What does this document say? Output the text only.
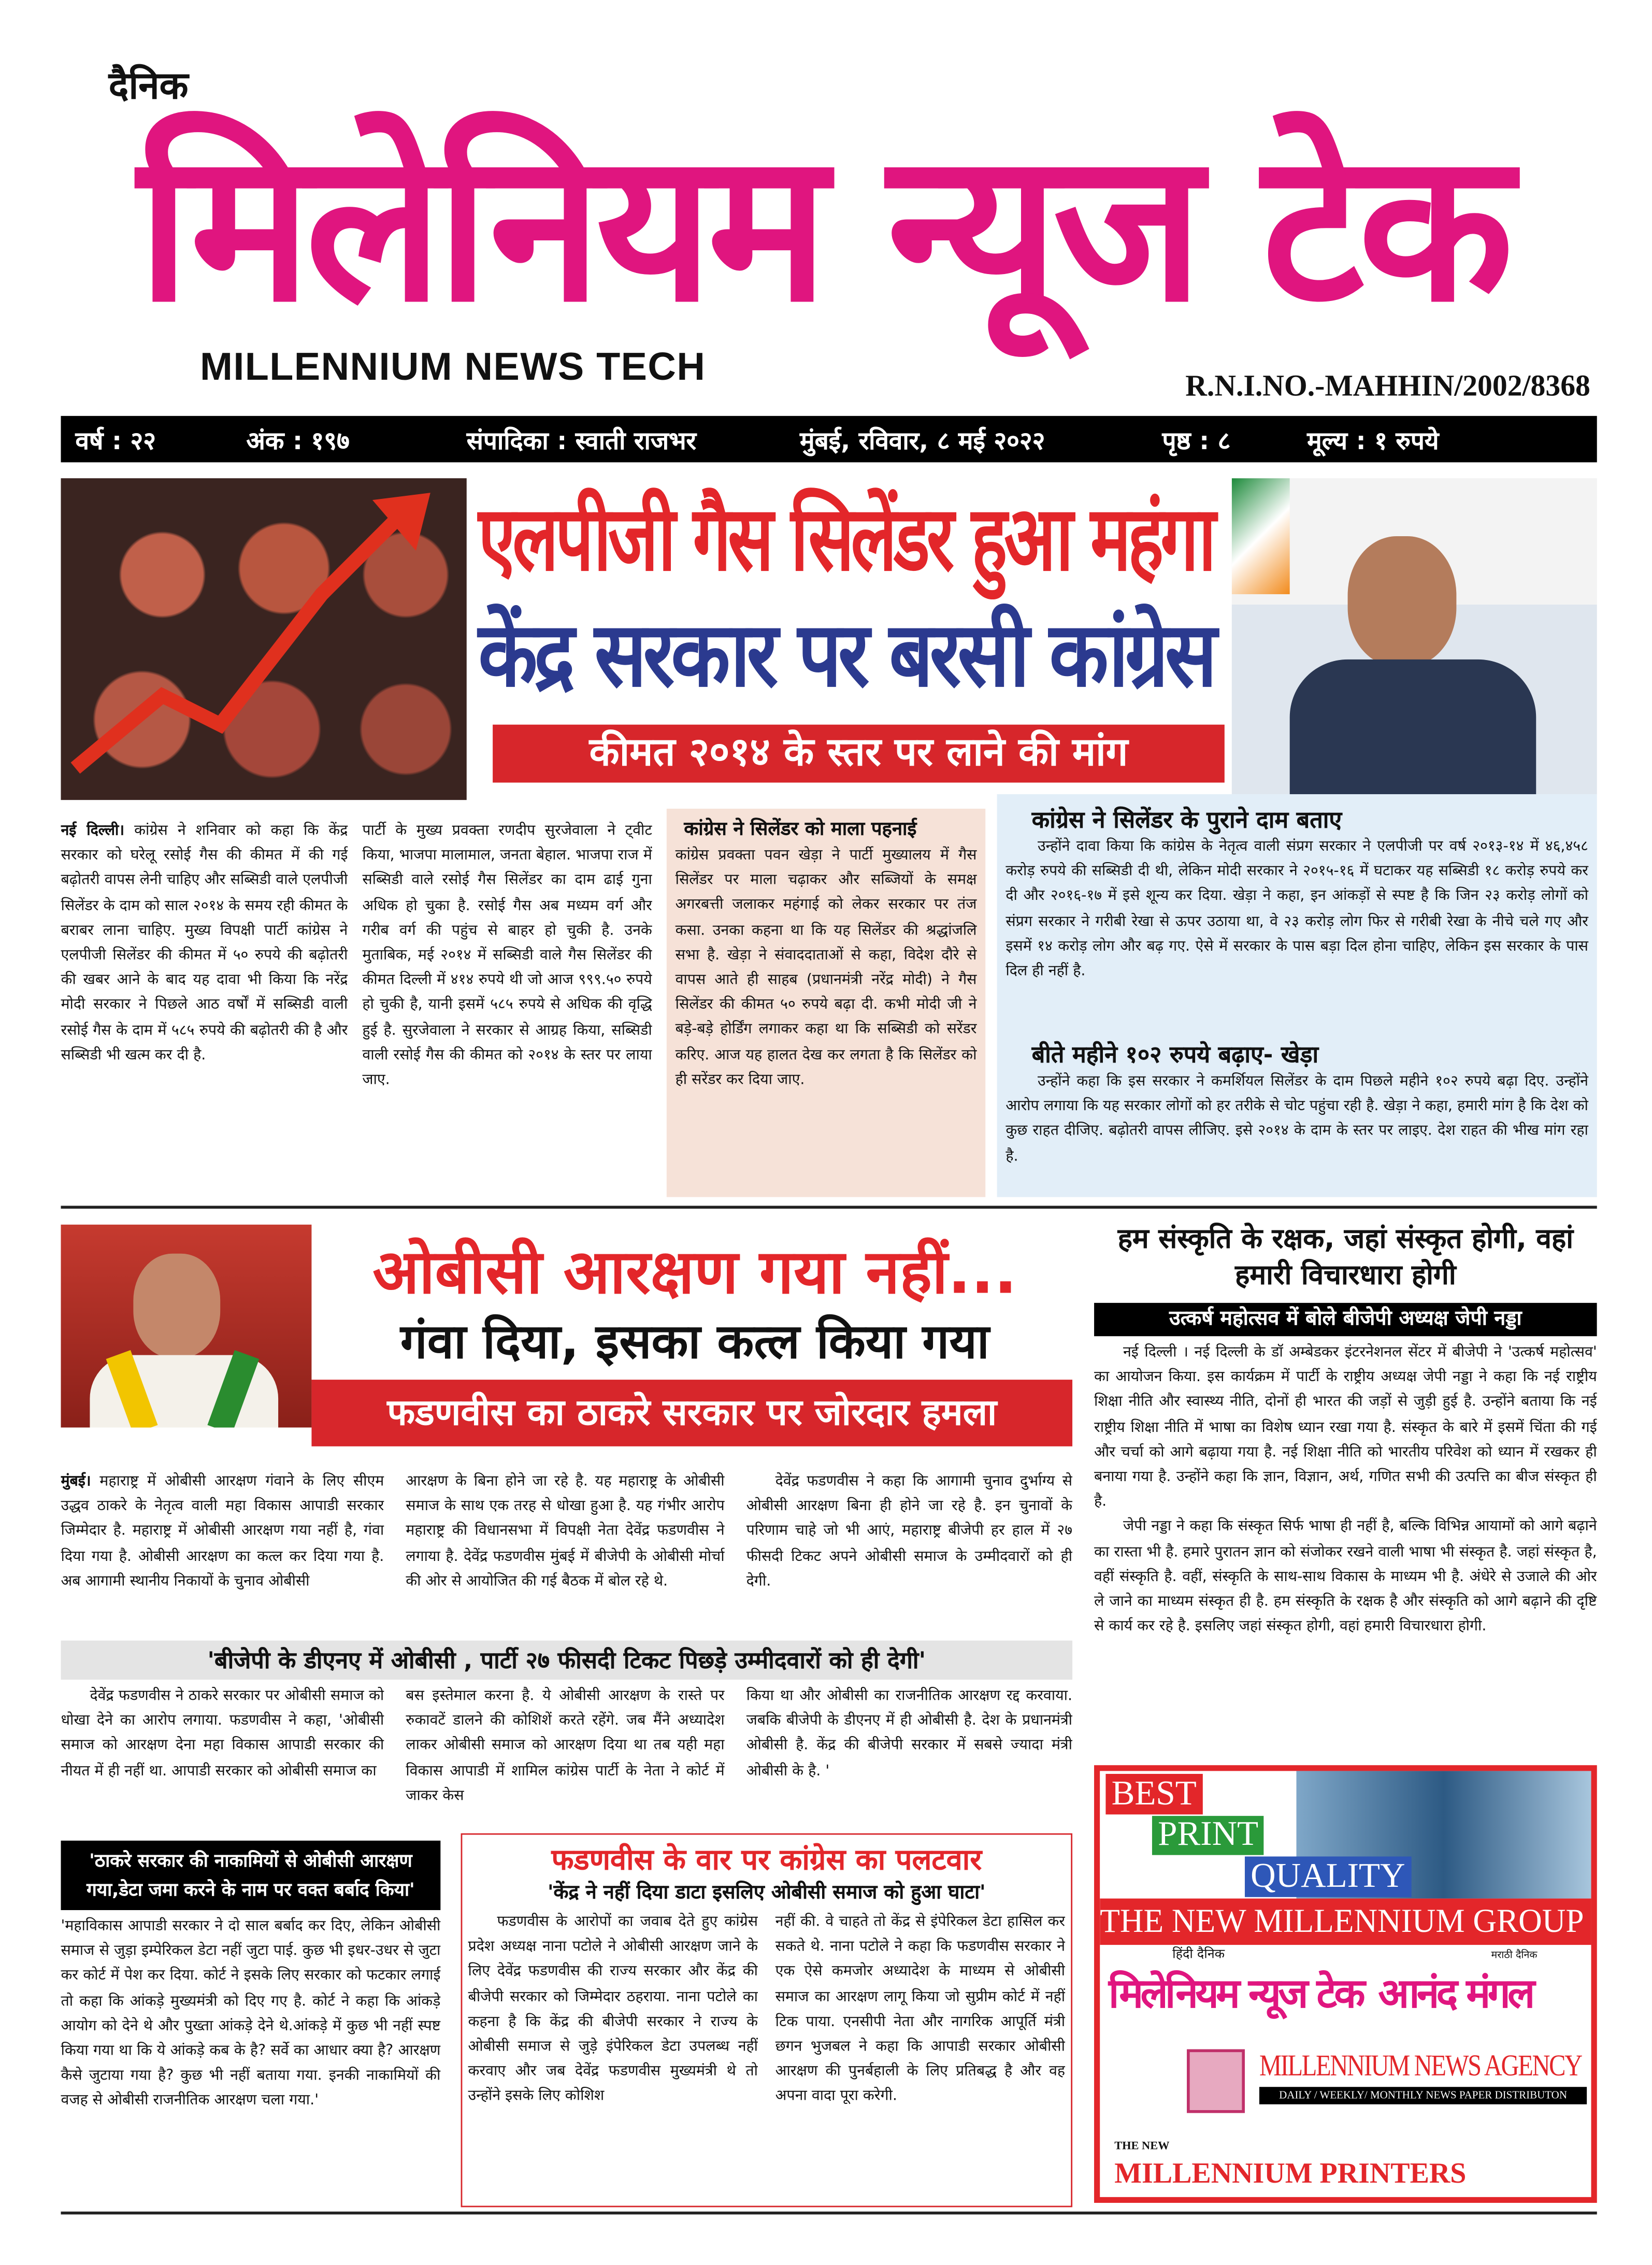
दैनिक
मिलेनियम न्यूज टेक
MILLENNIUM NEWS TECH	R.N.I.NO.-MAHHIN/2002/8368
वर्ष : २२	अंक : १९७	संपादिका : स्वाती राजभर	मुंबई, रविवार, ८ मई २०२२	पृष्ठ : ८	मूल्य : १ रुपये
एलपीजी गैस सिलेंडर हुआ महंगा
केंद्र सरकार पर बरसी कांग्रेस
कीमत २०१४ के स्तर पर लाने की मांग

नई दिल्ली। कांग्रेस ने शनिवार को कहा कि केंद्र सरकार को घरेलू रसोई गैस की कीमत में की गई बढ़ोतरी वापस लेनी चाहिए और सब्सिडी वाले एलपीजी सिलेंडर के दाम को साल २०१४ के समय रही कीमत के बराबर लाना चाहिए. मुख्य विपक्षी पार्टी कांग्रेस ने एलपीजी सिलेंडर की कीमत में ५० रुपये की बढ़ोतरी की खबर आने के बाद यह दावा भी किया कि नरेंद्र मोदी सरकार ने पिछले आठ वर्षों में सब्सिडी वाली रसोई गैस के दाम में ५८५ रुपये की बढ़ोतरी की है और सब्सिडी भी खत्म कर दी है.

पार्टी के मुख्य प्रवक्ता रणदीप सुरजेवाला ने ट्वीट किया, भाजपा मालामाल, जनता बेहाल. भाजपा राज में सब्सिडी वाले रसोई गैस सिलेंडर का दाम ढाई गुना अधिक हो चुका है. रसोई गैस अब मध्यम वर्ग और गरीब वर्ग की पहुंच से बाहर हो चुकी है. उनके मुताबिक, मई २०१४ में सब्सिडी वाले गैस सिलेंडर की कीमत दिल्ली में ४१४ रुपये थी जो आज ९९९.५० रुपये हो चुकी है, यानी इसमें ५८५ रुपये से अधिक की वृद्धि हुई है. सुरजेवाला ने सरकार से आग्रह किया, सब्सिडी वाली रसोई गैस की कीमत को २०१४ के स्तर पर लाया जाए.

कांग्रेस ने सिलेंडर को माला पहनाई

कांग्रेस प्रवक्ता पवन खेड़ा ने पार्टी मुख्यालय में गैस सिलेंडर पर माला चढ़ाकर और सब्जियों के समक्ष अगरबत्ती जलाकर महंगाई को लेकर सरकार पर तंज कसा. उनका कहना था कि यह सिलेंडर की श्रद्धांजलि सभा है. खेड़ा ने संवाददाताओं से कहा, विदेश दौरे से वापस आते ही साहब (प्रधानमंत्री नरेंद्र मोदी) ने गैस सिलेंडर की कीमत ५० रुपये बढ़ा दी. कभी मोदी जी ने बड़े-बड़े होर्डिंग लगाकर कहा था कि सब्सिडी को सरेंडर करिए. आज यह हालत देख कर लगता है कि सिलेंडर को ही सरेंडर कर दिया जाए.

कांग्रेस ने सिलेंडर के पुराने दाम बताए

उन्होंने दावा किया कि कांग्रेस के नेतृत्व वाली संप्रग सरकार ने एलपीजी पर वर्ष २०१३-१४ में ४६,४५८ करोड़ रुपये की सब्सिडी दी थी, लेकिन मोदी सरकार ने २०१५-१६ में घटाकर यह सब्सिडी १८ करोड़ रुपये कर दी और २०१६-१७ में इसे शून्य कर दिया. खेड़ा ने कहा, इन आंकड़ों से स्पष्ट है कि जिन २३ करोड़ लोगों को संप्रग सरकार ने गरीबी रेखा से ऊपर उठाया था, वे २३ करोड़ लोग फिर से गरीबी रेखा के नीचे चले गए और इसमें १४ करोड़ लोग और बढ़ गए. ऐसे में सरकार के पास बड़ा दिल होना चाहिए, लेकिन इस सरकार के पास दिल ही नहीं है.

बीते महीने १०२ रुपये बढ़ाए- खेड़ा

उन्होंने कहा कि इस सरकार ने कमर्शियल सिलेंडर के दाम पिछले महीने १०२ रुपये बढ़ा दिए. उन्होंने आरोप लगाया कि यह सरकार लोगों को हर तरीके से चोट पहुंचा रही है. खेड़ा ने कहा, हमारी मांग है कि देश को कुछ राहत दीजिए. बढ़ोतरी वापस लीजिए. इसे २०१४ के दाम के स्तर पर लाइए. देश राहत की भीख मांग रहा है.

ओबीसी आरक्षण गया नहीं...
गंवा दिया, इसका कत्ल किया गया
फडणवीस का ठाकरे सरकार पर जोरदार हमला

मुंबई। महाराष्ट्र में ओबीसी आरक्षण गंवाने के लिए सीएम उद्धव ठाकरे के नेतृत्व वाली महा विकास आपाडी सरकार जिम्मेदार है. महाराष्ट्र में ओबीसी आरक्षण गया नहीं है, गंवा दिया गया है. ओबीसी आरक्षण का कत्ल कर दिया गया है. अब आगामी स्थानीय निकायों के चुनाव ओबीसी

आरक्षण के बिना होने जा रहे है. यह महाराष्ट्र के ओबीसी समाज के साथ एक तरह से धोखा हुआ है. यह गंभीर आरोप महाराष्ट्र की विधानसभा में विपक्षी नेता देवेंद्र फडणवीस ने लगाया है. देवेंद्र फडणवीस मुंबई में बीजेपी के ओबीसी मोर्चा की ओर से आयोजित की गई बैठक में बोल रहे थे.

देवेंद्र फडणवीस ने कहा कि आगामी चुनाव दुर्भाग्य से ओबीसी आरक्षण बिना ही होने जा रहे है. इन चुनावों के परिणाम चाहे जो भी आएं, महाराष्ट्र बीजेपी हर हाल में २७ फीसदी टिकट अपने ओबीसी समाज के उम्मीदवारों को ही देगी.

'बीजेपी के डीएनए में ओबीसी , पार्टी २७ फीसदी टिकट पिछड़े उम्मीदवारों को ही देगी'

देवेंद्र फडणवीस ने ठाकरे सरकार पर ओबीसी समाज को धोखा देने का आरोप लगाया. फडणवीस ने कहा, 'ओबीसी समाज को आरक्षण देना महा विकास आपाडी सरकार की नीयत में ही नहीं था. आपाडी सरकार को ओबीसी समाज का

बस इस्तेमाल करना है. ये ओबीसी आरक्षण के रास्ते पर रुकावटें डालने की कोशिशें करते रहेंगे. जब मैंने अध्यादेश लाकर ओबीसी समाज को आरक्षण दिया था तब यही महा विकास आपाडी में शामिल कांग्रेस पार्टी के नेता ने कोर्ट में जाकर केस

किया था और ओबीसी का राजनीतिक आरक्षण रद्द करवाया. जबकि बीजेपी के डीएनए में ही ओबीसी है. देश के प्रधानमंत्री ओबीसी है. केंद्र की बीजेपी सरकार में सबसे ज्यादा मंत्री ओबीसी के है. '

'ठाकरे सरकार की नाकामियों से ओबीसी आरक्षण गया,डेटा जमा करने के नाम पर वक्त बर्बाद किया'

'महाविकास आपाडी सरकार ने दो साल बर्बाद कर दिए, लेकिन ओबीसी समाज से जुड़ा इम्पेरिकल डेटा नहीं जुटा पाई. कुछ भी इधर-उधर से जुटा कर कोर्ट में पेश कर दिया. कोर्ट ने इसके लिए सरकार को फटकार लगाई तो कहा कि आंकड़े मुख्यमंत्री को दिए गए है. कोर्ट ने कहा कि आंकड़े आयोग को देने थे और पुख्ता आंकड़े देने थे.आंकड़े में कुछ भी नहीं स्पष्ट किया गया था कि ये आंकड़े कब के है? सर्वे का आधार क्या है? आरक्षण कैसे जुटाया गया है? कुछ भी नहीं बताया गया. इनकी नाकामियों की वजह से ओबीसी राजनीतिक आरक्षण चला गया.'

फडणवीस के वार पर कांग्रेस का पलटवार
'केंद्र ने नहीं दिया डाटा इसलिए ओबीसी समाज को हुआ घाटा'

फडणवीस के आरोपों का जवाब देते हुए कांग्रेस प्रदेश अध्यक्ष नाना पटोले ने ओबीसी आरक्षण जाने के लिए देवेंद्र फडणवीस की राज्य सरकार और केंद्र की बीजेपी सरकार को जिम्मेदार ठहराया. नाना पटोले का कहना है कि केंद्र की बीजेपी सरकार ने राज्य के ओबीसी समाज से जुड़े इंपेरिकल डेटा उपलब्ध नहीं करवाए और जब देवेंद्र फडणवीस मुख्यमंत्री थे तो उन्होंने इसके लिए कोशिश

नहीं की. वे चाहते तो केंद्र से इंपेरिकल डेटा हासिल कर सकते थे. नाना पटोले ने कहा कि फडणवीस सरकार ने एक ऐसे कमजोर अध्यादेश के माध्यम से ओबीसी समाज का आरक्षण लागू किया जो सुप्रीम कोर्ट में नहीं टिक पाया. एनसीपी नेता और नागरिक आपूर्ति मंत्री छगन भुजबल ने कहा कि आपाडी सरकार ओबीसी आरक्षण की पुनर्बहाली के लिए प्रतिबद्ध है और वह अपना वादा पूरा करेगी.

हम संस्कृति के रक्षक, जहां संस्कृत होगी, वहां हमारी विचारधारा होगी
उत्कर्ष महोत्सव में बोले बीजेपी अध्यक्ष जेपी नड्डा

नई दिल्ली । नई दिल्ली के डॉ अम्बेडकर इंटरनेशनल सेंटर में बीजेपी ने 'उत्कर्ष महोत्सव' का आयोजन किया. इस कार्यक्रम में पार्टी के राष्ट्रीय अध्यक्ष जेपी नड्डा ने कहा कि नई राष्ट्रीय शिक्षा नीति और स्वास्थ्य नीति, दोनों ही भारत की जड़ों से जुड़ी हुई है. उन्होंने बताया कि नई राष्ट्रीय शिक्षा नीति में भाषा का विशेष ध्यान रखा गया है. संस्कृत के बारे में इसमें चिंता की गई और चर्चा को आगे बढ़ाया गया है. नई शिक्षा नीति को भारतीय परिवेश को ध्यान में रखकर ही बनाया गया है. उन्होंने कहा कि ज्ञान, विज्ञान, अर्थ, गणित सभी की उत्पत्ति का बीज संस्कृत ही है.

जेपी नड्डा ने कहा कि संस्कृत सिर्फ भाषा ही नहीं है, बल्कि विभिन्न आयामों को आगे बढ़ाने का रास्ता भी है. हमारे पुरातन ज्ञान को संजोकर रखने वाली भाषा भी संस्कृत है. जहां संस्कृत है, वहीं संस्कृति है. वहीं, संस्कृति के साथ-साथ विकास के माध्यम भी है. अंधेरे से उजाले की ओर ले जाने का माध्यम संस्कृत ही है. हम संस्कृति के रक्षक है और संस्कृति को आगे बढ़ाने की दृष्टि से कार्य कर रहे है. इसलिए जहां संस्कृत होगी, वहां हमारी विचारधारा होगी.

BEST
PRINT
QUALITY
THE NEW MILLENNIUM GROUP
हिंदी दैनिक
मिलेनियम न्यूज टेक
मराठी दैनिक
आनंद मंगल
MILLENNIUM NEWS AGENCY
DAILY / WEEKLY/ MONTHLY NEWS PAPER DISTRIBUTON
THE NEW
MILLENNIUM PRINTERS
